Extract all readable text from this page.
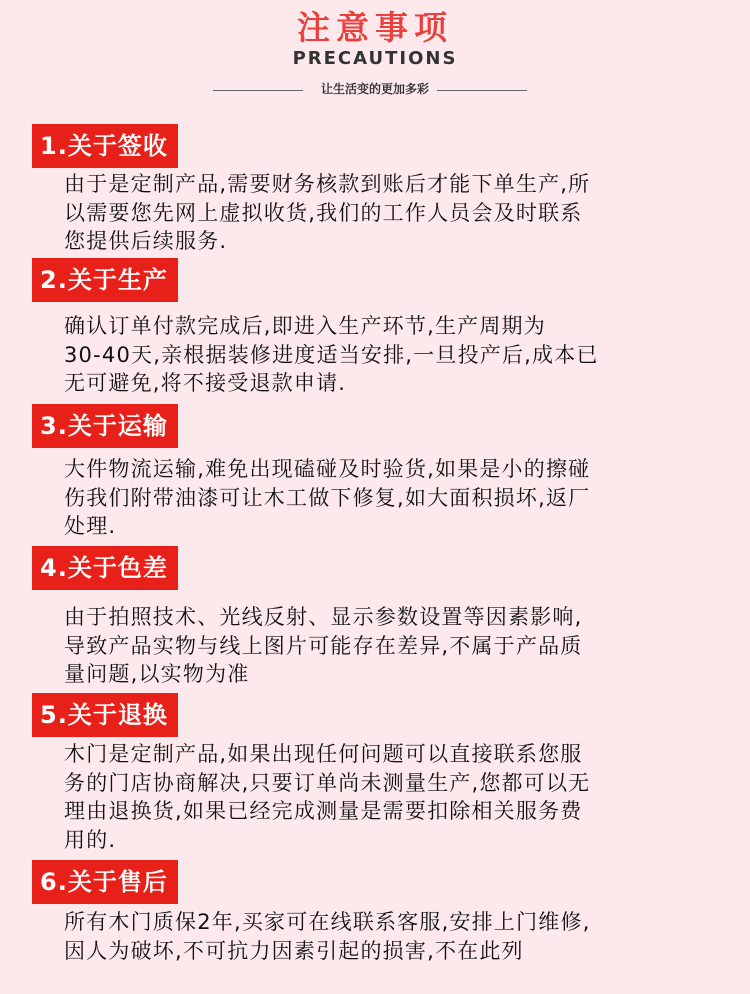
注意事项
PRECAUTIONS
让生活变的更加多彩
1.关于签收
由于是定制产品,需要财务核款到账后才能下单生产,所
以需要您先网上虚拟收货,我们的工作人员会及时联系
您提供后续服务.
2.关于生产
确认订单付款完成后,即进入生产环节,生产周期为
30-40天,亲根据装修进度适当安排,一旦投产后,成本已
无可避免,将不接受退款申请.
3.关于运输
大件物流运输,难免出现磕碰及时验货,如果是小的擦碰
伤我们附带油漆可让木工做下修复,如大面积损坏,返厂
处理.
4.关于色差
由于拍照技术、光线反射、显示参数设置等因素影响,
导致产品实物与线上图片可能存在差异,不属于产品质
量问题,以实物为准
5.关于退换
木门是定制产品,如果出现任何问题可以直接联系您服
务的门店协商解决,只要订单尚未测量生产,您都可以无
理由退换货,如果已经完成测量是需要扣除相关服务费
用的.
6.关于售后
所有木门质保2年,买家可在线联系客服,安排上门维修,
因人为破坏,不可抗力因素引起的损害,不在此列
